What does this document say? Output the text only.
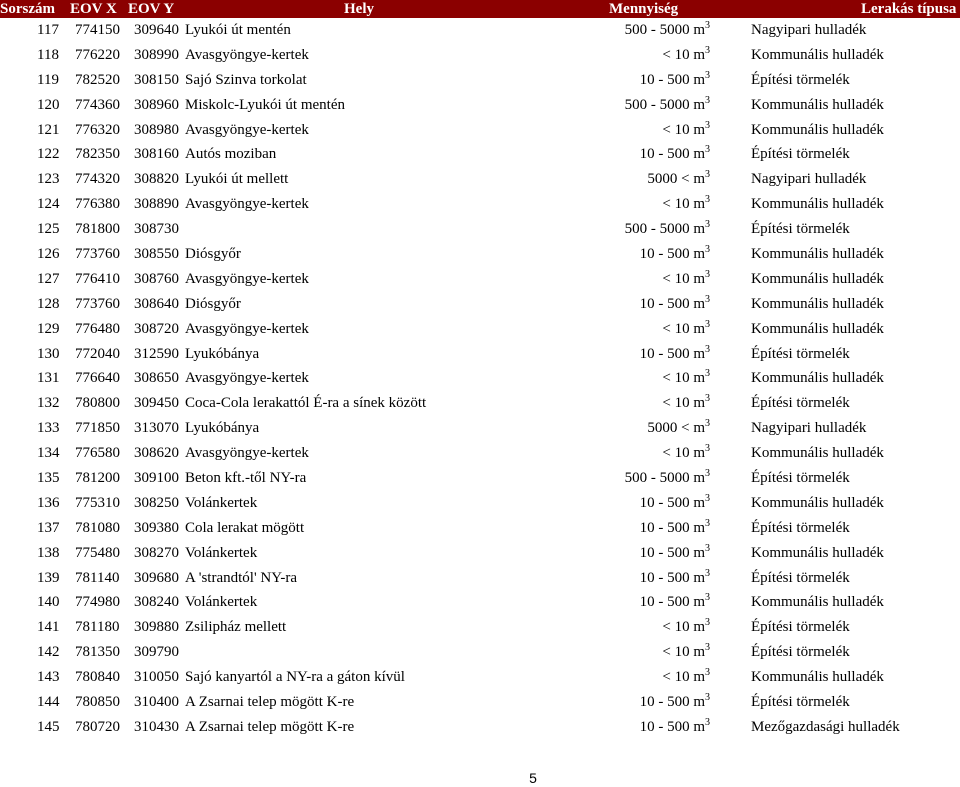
Sorszám EOV X EOV Y	Hely	Mennyiség	Lerakás típusa
117 774150 309640 Lyukói út mentén	500 - 5000 $m^3$	Nagyipari hulladék
118 776220 308990 Avasgyöngye-kertek	< 10 $m^3$	Kommunális hulladék
119 782520 308150 Sajó Szinva torkolat	10 - 500 $m^3$	Építési törmelék
120 774360 308960 Miskolc-Lyukói út mentén	500 - 5000 $m^3$	Kommunális hulladék
121 776320 308980 Avasgyöngye-kertek	< 10 $m^3$	Kommunális hulladék
122 782350 308160 Autós moziban	10 - 500 $m^3$	Építési törmelék
123 774320 308820 Lyukói út mellett	$5000 < m^3$	Nagyipari hulladék
124 776380 308890 Avasgyöngye-kertek	< 10 $m^3$	Kommunális hulladék
125 781800 308730	500 - 5000 $m^3$	Építési törmelék
126 773760 308550 Diósgyőr	10 - 500 $m^3$	Kommunális hulladék
127 776410 308760 Avasgyöngye-kertek	< 10 $m^3$	Kommunális hulladék
128 773760 308640 Diósgyőr	10 - 500 $m^3$	Kommunális hulladék
129 776480 308720 Avasgyöngye-kertek	< 10 $m^3$	Kommunális hulladék
130 772040 312590 Lyukóbánya	10 - 500 $m^3$	Építési törmelék
131 776640 308650 Avasgyöngye-kertek	< 10 $m^3$	Kommunális hulladék
132 780800 309450 Coca-Cola lerakattól É-ra a sínek között	< 10 $m^3$	Építési törmelék
133 771850 313070 Lyukóbánya	$5000 < m^3$	Nagyipari hulladék
134 776580 308620 Avasgyöngye-kertek	< 10 $m^3$	Kommunális hulladék
135 781200 309100 Beton kft.-től NY-ra	500 - 5000 $m^3$	Építési törmelék
136 775310 308250 Volánkertek	10 - 500 $m^3$	Kommunális hulladék
137 781080 309380 Cola lerakat mögött	10 - 500 $m^3$	Építési törmelék
138 775480 308270 Volánkertek	10 - 500 $m^3$	Kommunális hulladék
139 781140 309680 A 'strandtól' NY-ra	10 - 500 $m^3$	Építési törmelék
140 774980 308240 Volánkertek	10 - 500 $m^3$	Kommunális hulladék
141 781180 309880 Zsilipház mellett	< 10 $m^3$	Építési törmelék
142 781350 309790	< 10 $m^3$	Építési törmelék
143 780840 310050 Sajó kanyartól a NY-ra a gáton kívül	< 10 $m^3$	Kommunális hulladék
144 780850 310400 A Zsarnai telep mögött K-re	10 - 500 $m^3$	Építési törmelék
145 780720 310430 A Zsarnai telep mögött K-re	10 - 500 $m^3$	Mezőgazdasági hulladék
5
